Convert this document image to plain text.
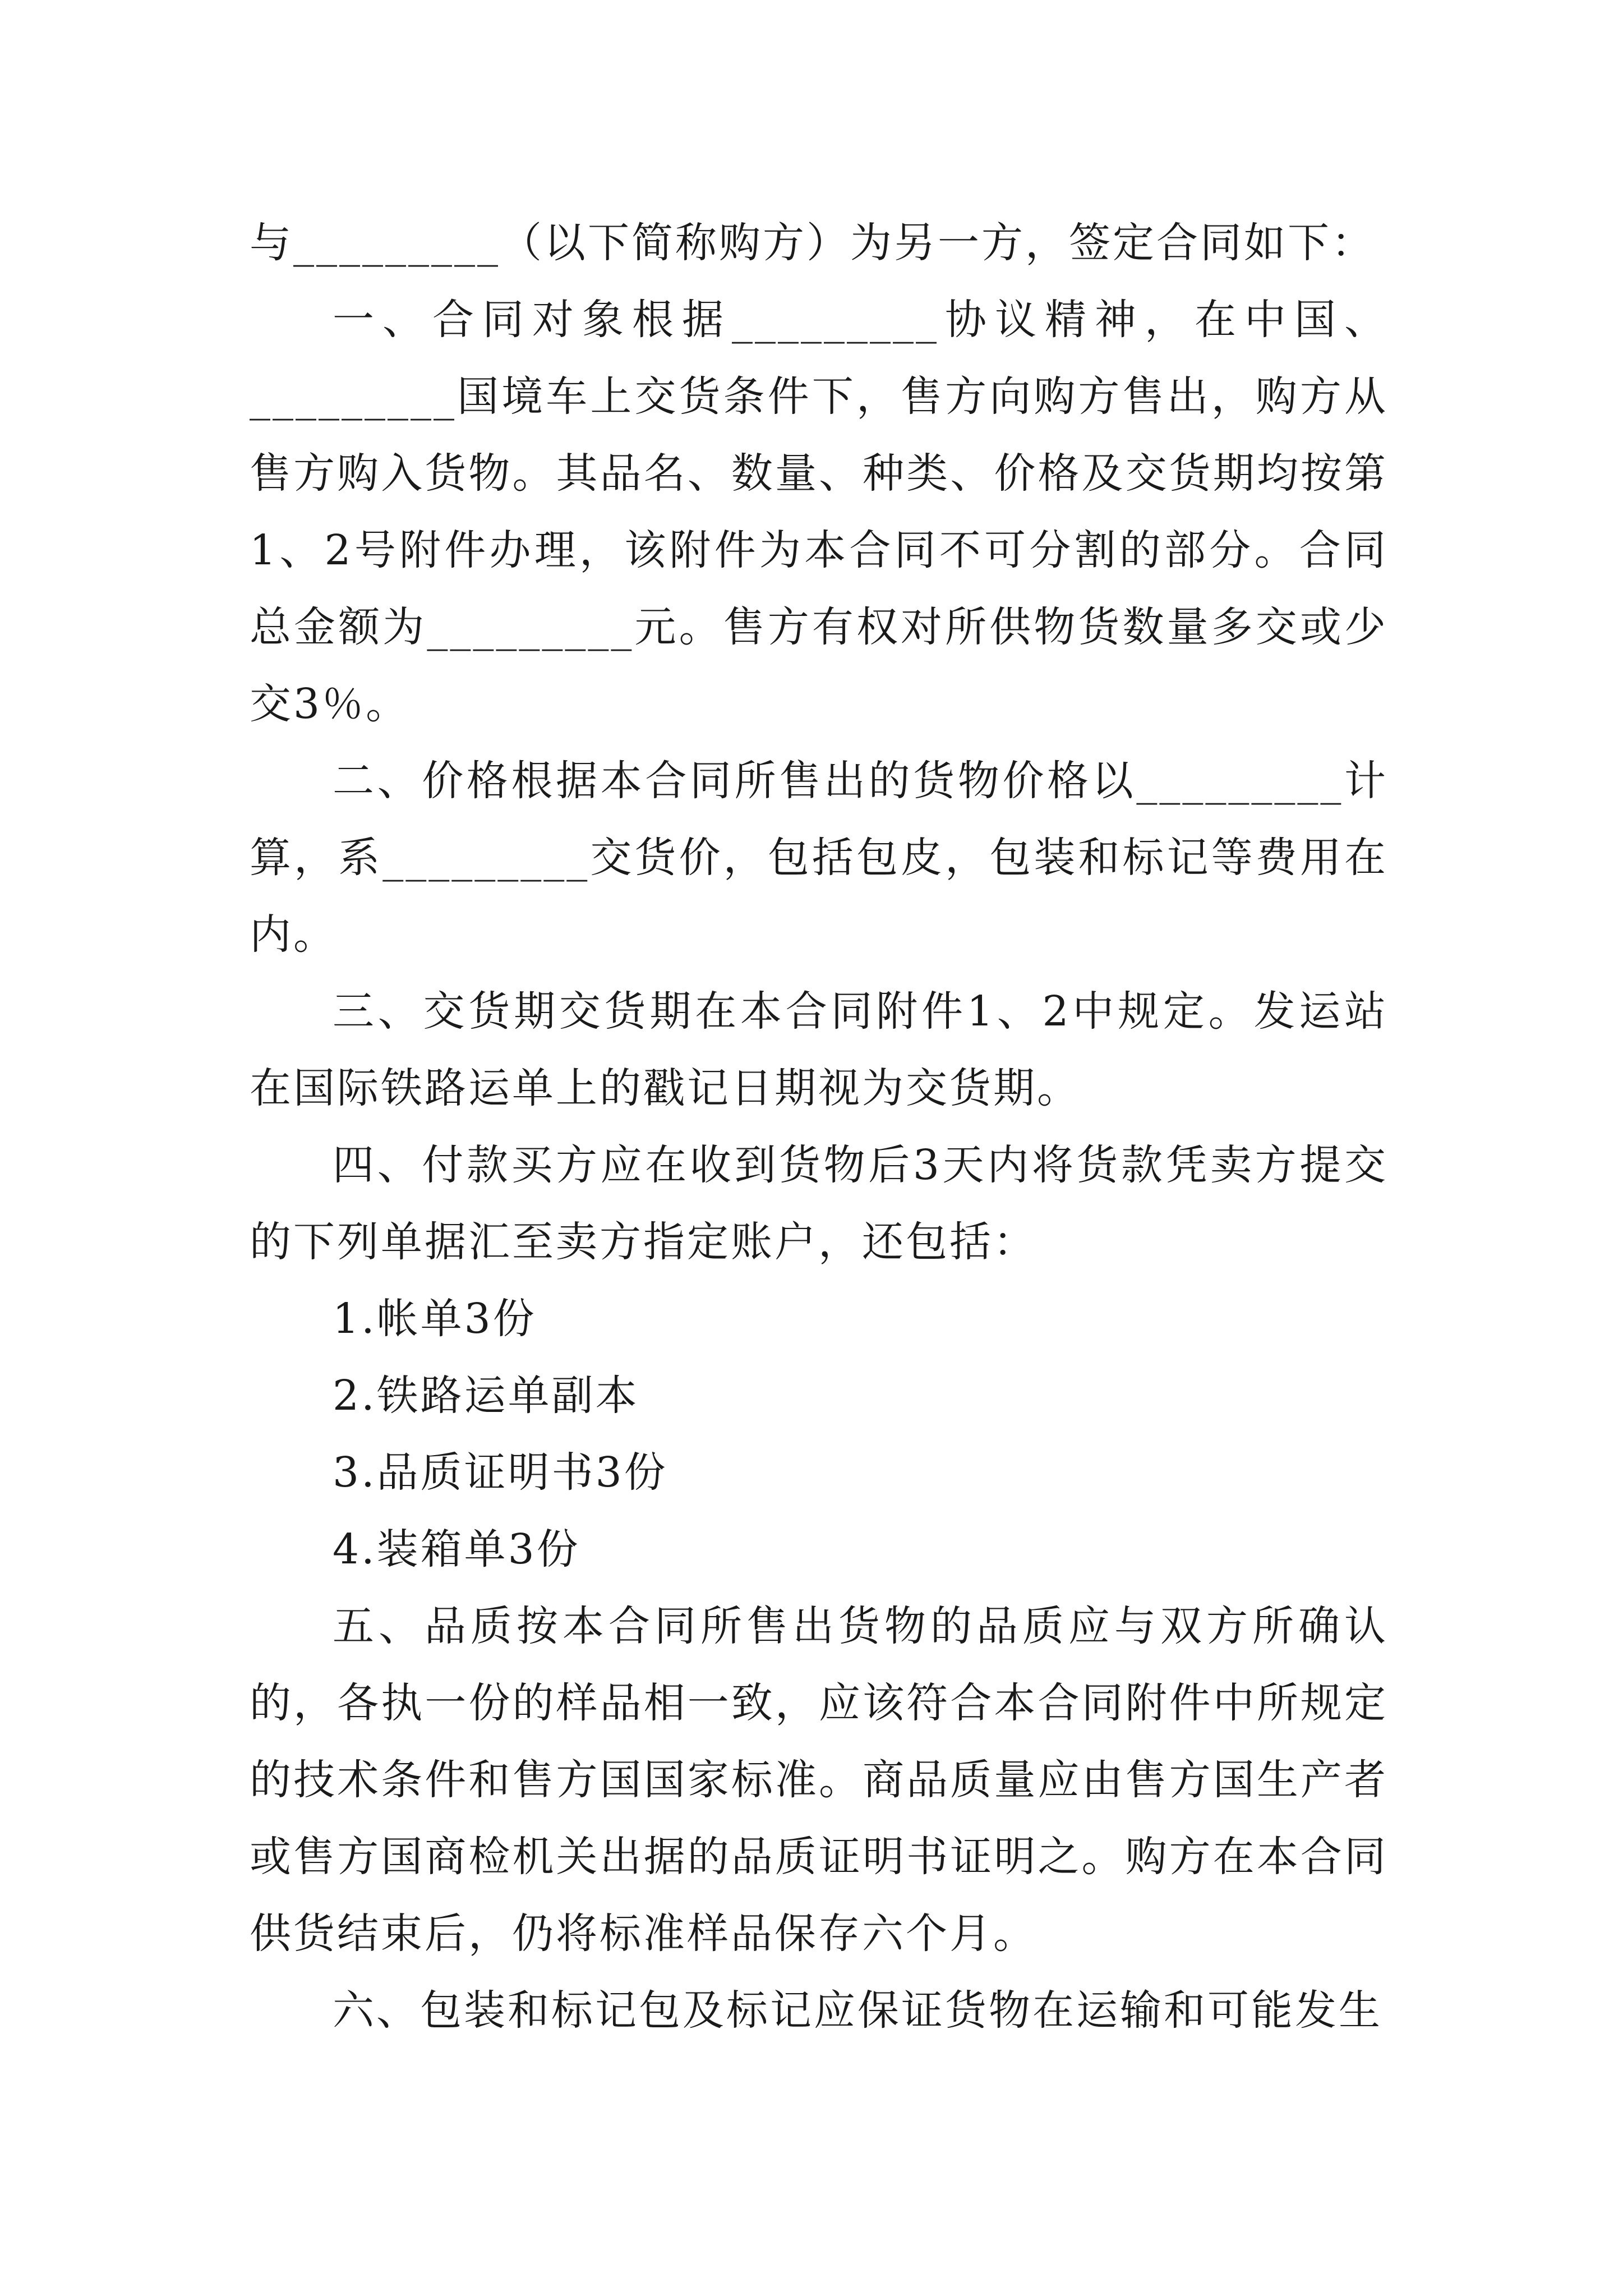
与_________（以下简称购方）为另一方，签定合同如下：

一、合同对象根据_________协议精神，在中国、_________国境车上交货条件下，售方向购方售出，购方从售方购入货物。其品名、数量、种类、价格及交货期均按第1、2号附件办理，该附件为本合同不可分割的部分。合同总金额为_________元。售方有权对所供物货数量多交或少交3％。

二、价格根据本合同所售出的货物价格以_________计算，系_________交货价，包括包皮，包装和标记等费用在内。

三、交货期交货期在本合同附件1、2中规定。发运站在国际铁路运单上的戳记日期视为交货期。

四、付款买方应在收到货物后3天内将货款凭卖方提交的下列单据汇至卖方指定账户，还包括：

1.帐单3份

2.铁路运单副本

3.品质证明书3份

4.装箱单3份

五、品质按本合同所售出货物的品质应与双方所确认的，各执一份的样品相一致，应该符合本合同附件中所规定的技术条件和售方国国家标准。商品质量应由售方国生产者或售方国商检机关出据的品质证明书证明之。购方在本合同供货结束后，仍将标准样品保存六个月。

六、包装和标记包及标记应保证货物在运输和可能发生
